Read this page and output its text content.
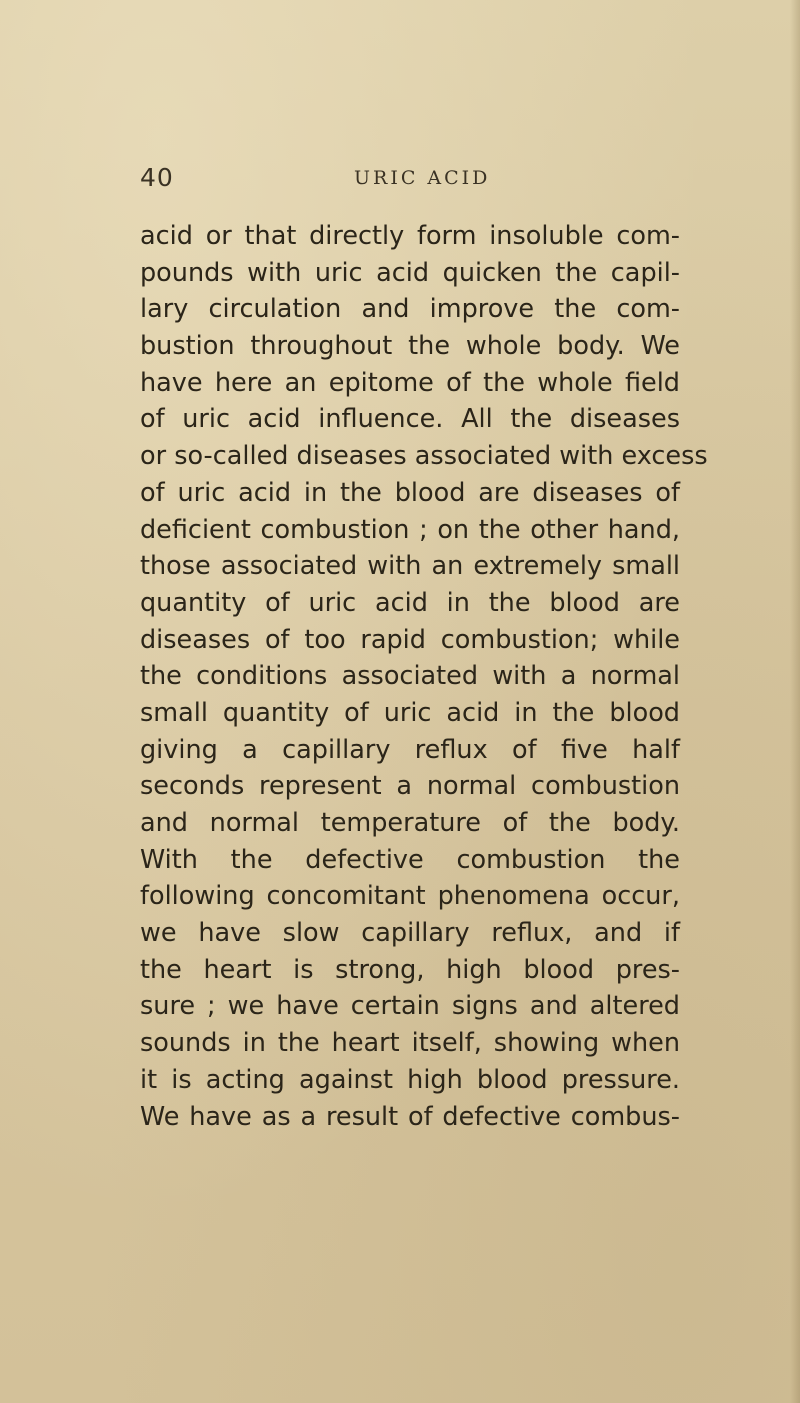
40	URIC ACID
acid or that directly form insoluble com-
pounds with uric acid quicken the capil-
lary circulation and improve the com-
bustion throughout the whole body. We
have here an epitome of the whole field
of uric acid influence. All the diseases
or so-called diseases associated with excess
of uric acid in the blood are diseases of
deficient combustion ; on the other hand,
those associated with an extremely small
quantity of uric acid in the blood are
diseases of too rapid combustion; while
the conditions associated with a normal
small quantity of uric acid in the blood
giving a capillary reflux of five half
seconds represent a normal combustion
and normal temperature of the body.
With the defective combustion the
following concomitant phenomena occur,
we have slow capillary reflux, and if
the heart is strong, high blood pres-
sure ; we have certain signs and altered
sounds in the heart itself, showing when
it is acting against high blood pressure.
We have as a result of defective combus-
